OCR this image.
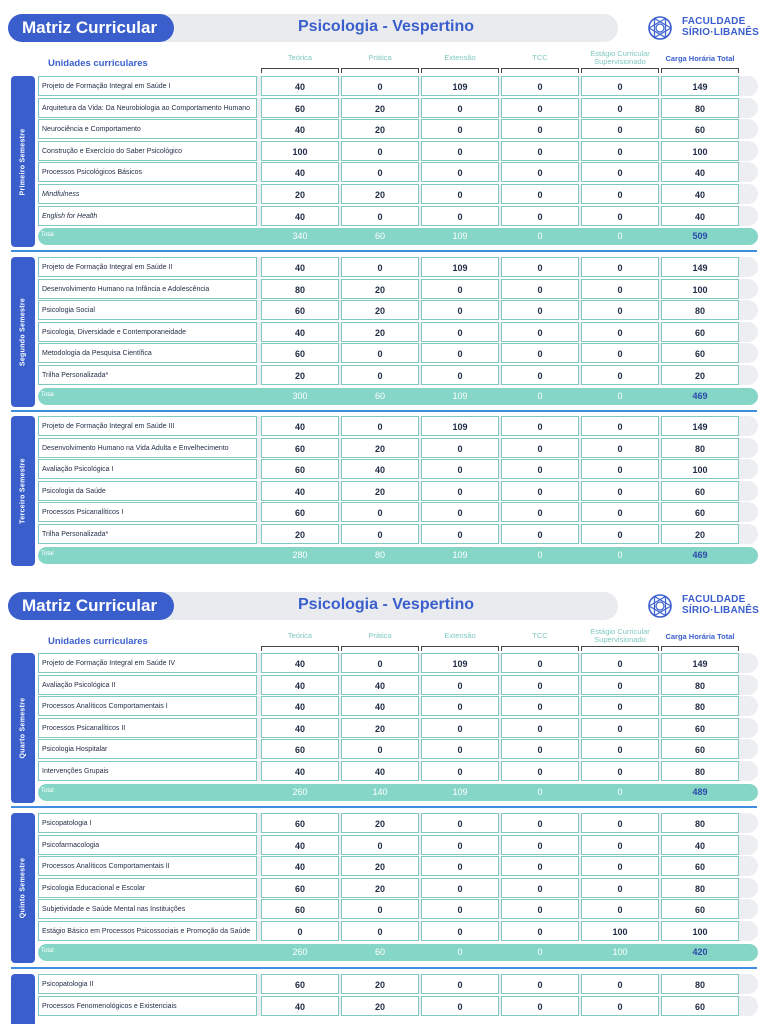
Matriz Curricular	Psicologia - Vespertino	FACULDADE
SÍRIO·LIBANÊS
Unidades curriculares
Teórica	Prática	Extensão	TCC	Estágio Curricular
Supervisionado	Carga Horária Total
Primeiro Semestre
Projeto de Formação Integral em Saúde I	40	0	109	0	0	149
Arquitetura da Vida: Da Neurobiologia ao Comportamento Humano	60	20	0	0	0	80
Neurociência e Comportamento	40	20	0	0	0	60
Construção e Exercício do Saber Psicológico	100	0	0	0	0	100
Processos Psicológicos Básicos	40	0	0	0	0	40
Mindfulness	20	20	0	0	0	40
English for Health	40	0	0	0	0	40
Total	340	60	109	0	0	509
Segundo Semestre
Projeto de Formação Integral em Saúde II	40	0	109	0	0	149
Desenvolvimento Humano na Infância e Adolescência	80	20	0	0	0	100
Psicologia Social	60	20	0	0	0	80
Psicologia, Diversidade e Contemporaneidade	40	20	0	0	0	60
Metodologia da Pesquisa Científica	60	0	0	0	0	60
Trilha Personalizada*	20	0	0	0	0	20
Total	300	60	109	0	0	469
Terceiro Semestre
Projeto de Formação Integral em Saúde III	40	0	109	0	0	149
Desenvolvimento Humano na Vida Adulta e Envelhecimento	60	20	0	0	0	80
Avaliação Psicológica I	60	40	0	0	0	100
Psicologia da Saúde	40	20	0	0	0	60
Processos Psicanalíticos I	60	0	0	0	0	60
Trilha Personalizada*	20	0	0	0	0	20
Total	280	80	109	0	0	469
Matriz Curricular	Psicologia - Vespertino	FACULDADE
SÍRIO·LIBANÊS
Unidades curriculares
Teórica	Prática	Extensão	TCC	Estágio Curricular
Supervisionado	Carga Horária Total
Quarto Semestre
Projeto de Formação Integral em Saúde IV	40	0	109	0	0	149
Avaliação Psicológica II	40	40	0	0	0	80
Processos Analíticos Comportamentais I	40	40	0	0	0	80
Processos Psicanalíticos II	40	20	0	0	0	60
Psicologia Hospitalar	60	0	0	0	0	60
Intervenções Grupais	40	40	0	0	0	80
Total	260	140	109	0	0	489
Quinto Semestre
Psicopatologia I	60	20	0	0	0	80
Psicofarmacologia	40	0	0	0	0	40
Processos Analíticos Comportamentais II	40	20	0	0	0	60
Psicologia Educacional e Escolar	60	20	0	0	0	80
Subjetividade e Saúde Mental nas Instituições	60	0	0	0	0	60
Estágio Básico em Processos Psicossociais e Promoção da Saúde	0	0	0	0	100	100
Total	260	60	0	0	100	420
Psicopatologia II	60	20	0	0	0	80
Processos Fenomenológicos e Existenciais	40	20	0	0	0	60
